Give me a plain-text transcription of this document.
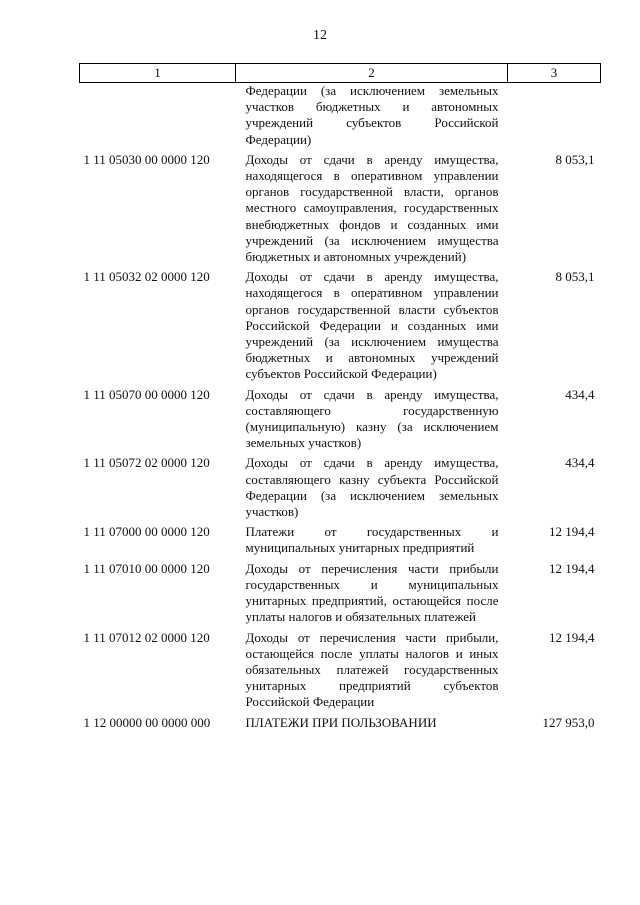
12
1	2	3
	Федерации (за исключением земельных участков бюджетных и автономных учреждений субъектов Российской Федерации)	
1 11 05030 00 0000 120	Доходы от сдачи в аренду имущества, находящегося в оперативном управлении органов государственной власти, органов местного самоуправления, государственных внебюджетных фондов и созданных ими учреждений (за исключением имущества бюджетных и автономных учреждений)	8 053,1
1 11 05032 02 0000 120	Доходы от сдачи в аренду имущества, находящегося в оперативном управлении органов государственной власти субъектов Российской Федерации и созданных ими учреждений (за исключением имущества бюджетных и автономных учреждений субъектов Российской Федерации)	8 053,1
1 11 05070 00 0000 120	Доходы от сдачи в аренду имущества, составляющего государственную (муниципальную) казну (за исключением земельных участков)	434,4
1 11 05072 02 0000 120	Доходы от сдачи в аренду имущества, составляющего казну субъекта Российской Федерации (за исключением земельных участков)	434,4
1 11 07000 00 0000 120	Платежи от государственных и муниципальных унитарных предприятий	12 194,4
1 11 07010 00 0000 120	Доходы от перечисления части прибыли государственных и муниципальных унитарных предприятий, остающейся после уплаты налогов и обязательных платежей	12 194,4
1 11 07012 02 0000 120	Доходы от перечисления части прибыли, остающейся после уплаты налогов и иных обязательных платежей государственных унитарных предприятий субъектов Российской Федерации	12 194,4
1 12 00000 00 0000 000	ПЛАТЕЖИ ПРИ ПОЛЬЗОВАНИИ	127 953,0
